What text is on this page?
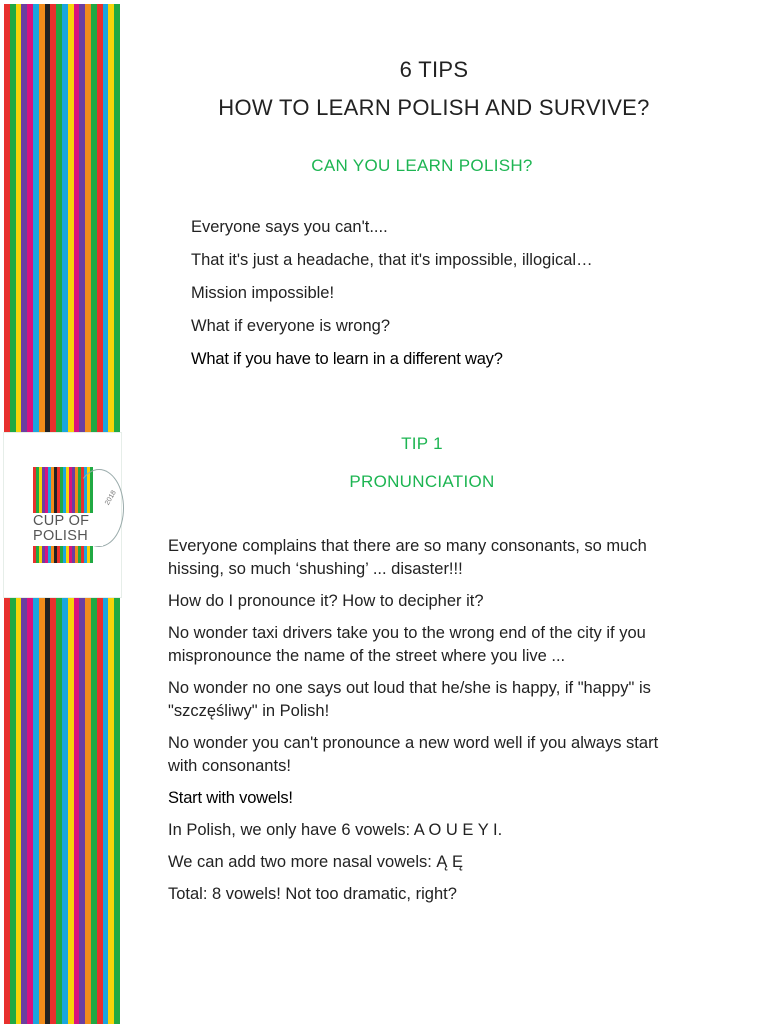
2018
CUP OF
POLISH
6 TIPS
HOW TO LEARN POLISH AND SURVIVE?
CAN YOU LEARN POLISH?

Everyone says you can't....

That it's just a headache, that it's impossible, illogical…

Mission impossible!

What if everyone is wrong?

What if you have to learn in a different way?

TIP 1
PRONUNCIATION

Everyone complains that there are so many consonants, so much hissing, so much ‘shushing’ ... disaster!!!

How do I pronounce it? How to decipher it?

No wonder taxi drivers take you to the wrong end of the city if you mispronounce the name of the street where you live ...

No wonder no one says out loud that he/she is happy, if "happy" is "szczęśliwy" in Polish!

No wonder you can't pronounce a new word well if you always start with consonants!

Start with vowels!

In Polish, we only have 6 vowels: A O U E Y I.

We can add two more nasal vowels: Ą Ę

Total: 8 vowels! Not too dramatic, right?
